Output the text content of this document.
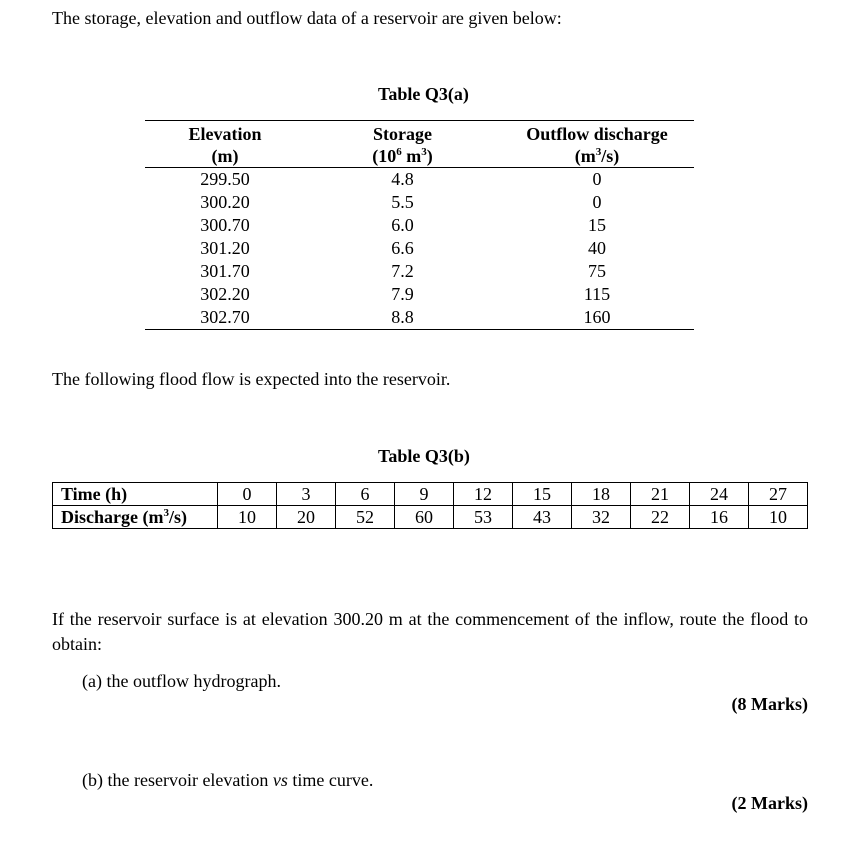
The storage, elevation and outflow data of a reservoir are given below:

Table Q3(a)

Elevation	Storage	Outflow discharge
(m)	($10^6$ $m^3$)	$(m^3/s)$
299.50	4.8	0
300.20	5.5	0
300.70	6.0	15
301.20	6.6	40
301.70	7.2	75
302.20	7.9	115
302.70	8.8	160

The following flood flow is expected into the reservoir.

Table Q3(b)

Time (h)	0	3	6	9	12	15	18	21	24	27
Discharge $(m^3/s)$	10	20	52	60	53	43	32	22	16	10

If the reservoir surface is at elevation 300.20 m at the commencement of the inflow, route the flood to obtain:

(a) the outflow hydrograph.

(8 Marks)

(b) the reservoir elevation vs time curve.

(2 Marks)
